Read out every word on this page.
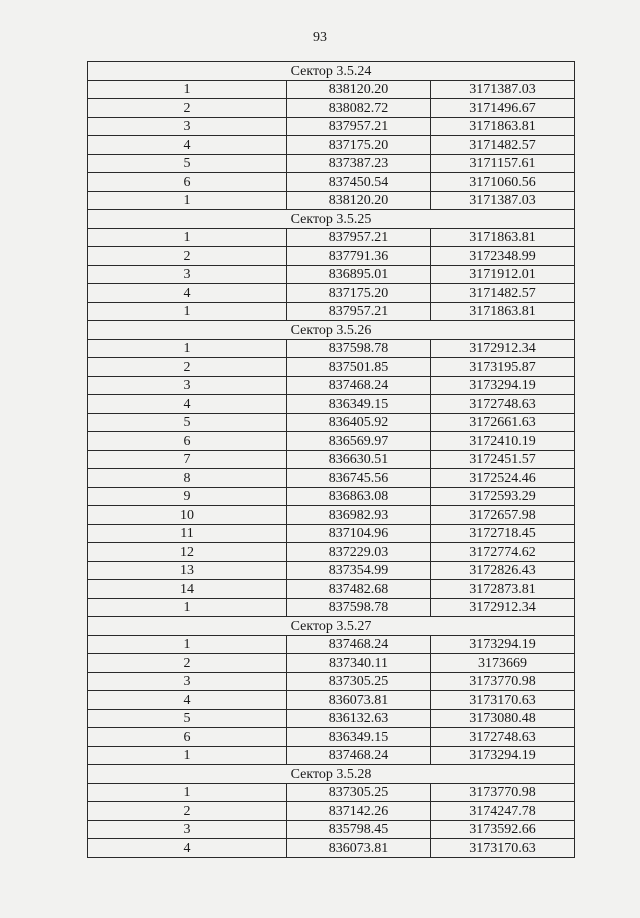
93
Сектор 3.5.24		
1	838120.20	3171387.03
2	838082.72	3171496.67
3	837957.21	3171863.81
4	837175.20	3171482.57
5	837387.23	3171157.61
6	837450.54	3171060.56
1	838120.20	3171387.03
Сектор 3.5.25		
1	837957.21	3171863.81
2	837791.36	3172348.99
3	836895.01	3171912.01
4	837175.20	3171482.57
1	837957.21	3171863.81
Сектор 3.5.26		
1	837598.78	3172912.34
2	837501.85	3173195.87
3	837468.24	3173294.19
4	836349.15	3172748.63
5	836405.92	3172661.63
6	836569.97	3172410.19
7	836630.51	3172451.57
8	836745.56	3172524.46
9	836863.08	3172593.29
10	836982.93	3172657.98
11	837104.96	3172718.45
12	837229.03	3172774.62
13	837354.99	3172826.43
14	837482.68	3172873.81
1	837598.78	3172912.34
Сектор 3.5.27		
1	837468.24	3173294.19
2	837340.11	3173669
3	837305.25	3173770.98
4	836073.81	3173170.63
5	836132.63	3173080.48
6	836349.15	3172748.63
1	837468.24	3173294.19
Сектор 3.5.28		
1	837305.25	3173770.98
2	837142.26	3174247.78
3	835798.45	3173592.66
4	836073.81	3173170.63
